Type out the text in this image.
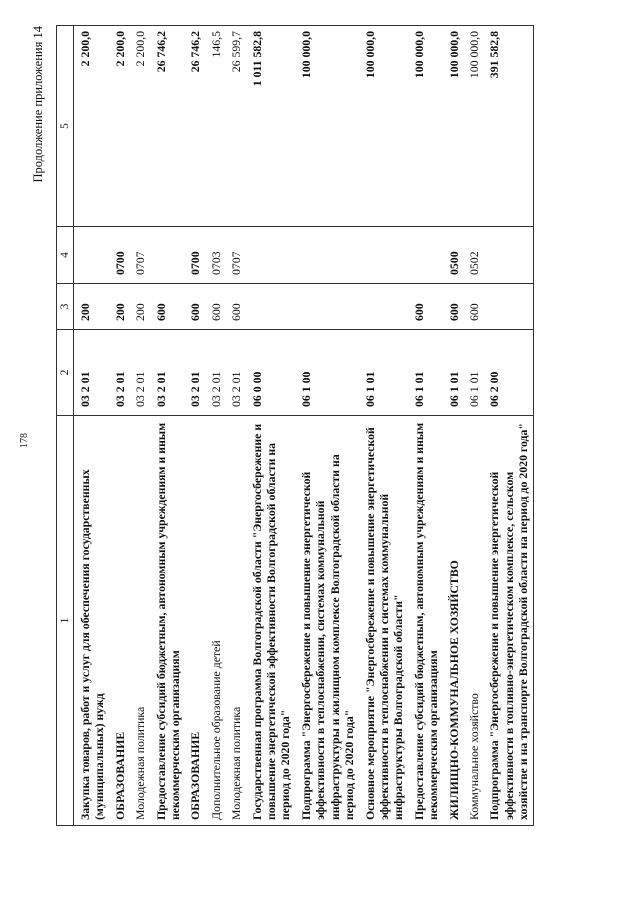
178
Продолжение приложения 14
1	2	3	4	5
Закупка товаров, работ и услуг для обеспечения государственных (муниципальных) нужд	03 2 01	200		2 200,0
ОБРАЗОВАНИЕ	03 2 01	200	0700	2 200,0
Молодежная политика	03 2 01	200	0707	2 200,0
Предоставление субсидий бюджетным, автономным учреждениям и иным некоммерческим организациям	03 2 01	600		26 746,2
ОБРАЗОВАНИЕ	03 2 01	600	0700	26 746,2
Дополнительное образование детей	03 2 01	600	0703	146,5
Молодежная политика	03 2 01	600	0707	26 599,7
Государственная программа Волгоградской области "Энергосбережение и повышение энергетической эффективности Волгоградской области на период до 2020 года"	06 0 00			1 011 582,8
Подпрограмма "Энергосбережение и повышение энергетической эффективности в теплоснабжении, системах коммунальной инфраструктуры и жилищном комплексе Волгоградской области на период до 2020 года"	06 1 00			100 000,0
Основное мероприятие "Энергосбережение и повышение энергетической эффективности в теплоснабжении и системах коммунальной инфраструктуры Волгоградской области"	06 1 01			100 000,0
Предоставление субсидий бюджетным, автономным учреждениям и иным некоммерческим организациям	06 1 01	600		100 000,0
ЖИЛИЩНО-КОММУНАЛЬНОЕ ХОЗЯЙСТВО	06 1 01	600	0500	100 000,0
Коммунальное хозяйство	06 1 01	600	0502	100 000,0
Подпрограмма "Энергосбережение и повышение энергетической эффективности в топливно-энергетическом комплексе, сельском хозяйстве и на транспорте Волгоградской области на период до 2020 года"	06 2 00			391 582,8
